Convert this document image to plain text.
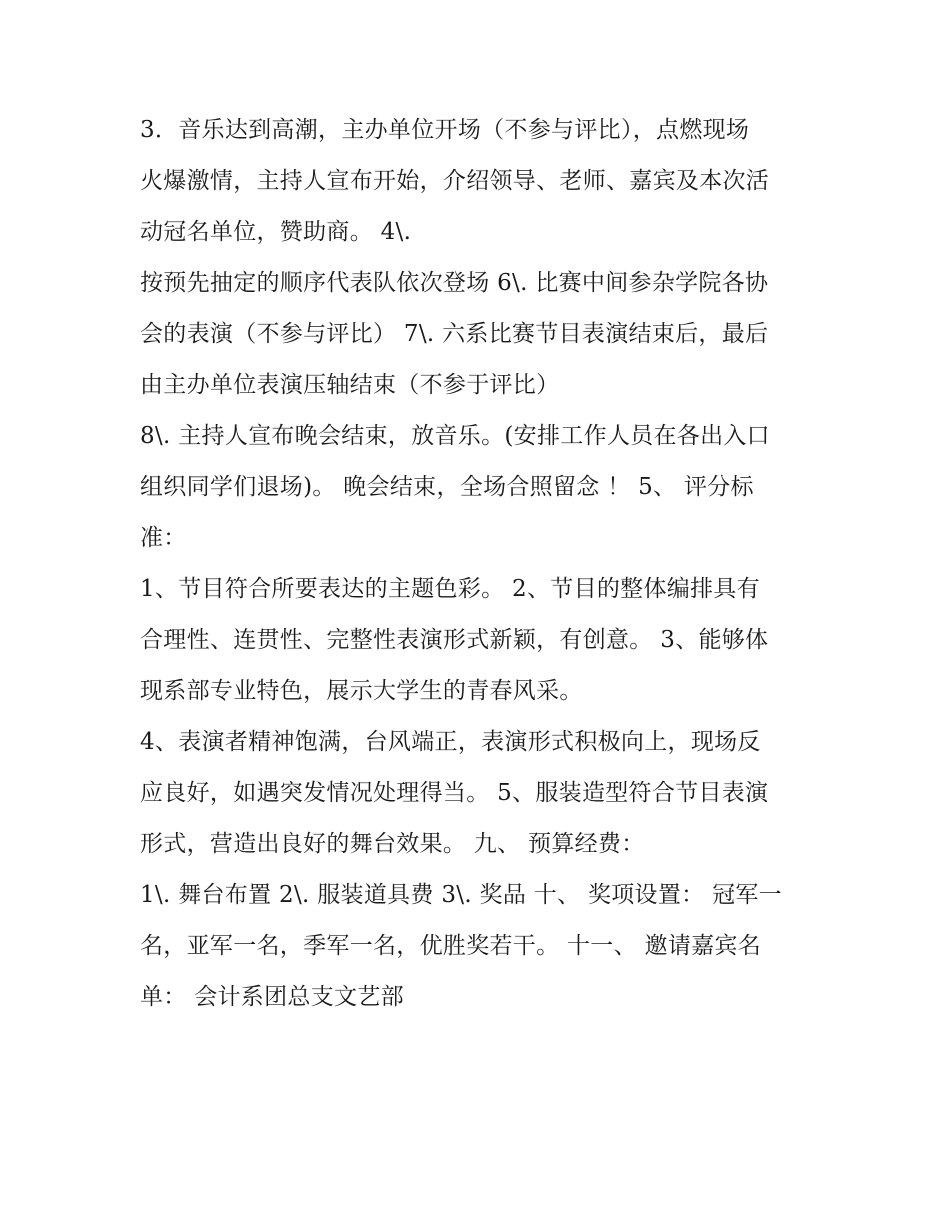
3．音乐达到高潮，主办单位开场（不参与评比），点燃现场
火爆激情，主持人宣布开始，介绍领导、老师、嘉宾及本次活
动冠名单位，赞助商。 4\.
按预先抽定的顺序代表队依次登场 6\. 比赛中间参杂学院各协
会的表演（不参与评比） 7\. 六系比赛节目表演结束后，最后
由主办单位表演压轴结束（不参于评比）
8\. 主持人宣布晚会结束，放音乐。(安排工作人员在各出入口
组织同学们退场)。 晚会结束，全场合照留念 ！ 5、 评分标
准：
1、节目符合所要表达的主题色彩。 2、节目的整体编排具有
合理性、连贯性、完整性表演形式新颖，有创意。 3、能够体
现系部专业特色，展示大学生的青春风采。
4、表演者精神饱满，台风端正，表演形式积极向上，现场反
应良好，如遇突发情况处理得当。 5、服装造型符合节目表演
形式，营造出良好的舞台效果。 九、 预算经费：
1\. 舞台布置 2\. 服装道具费 3\. 奖品 十、 奖项设置： 冠军一
名，亚军一名，季军一名，优胜奖若干。 十一、 邀请嘉宾名
单： 会计系团总支文艺部
